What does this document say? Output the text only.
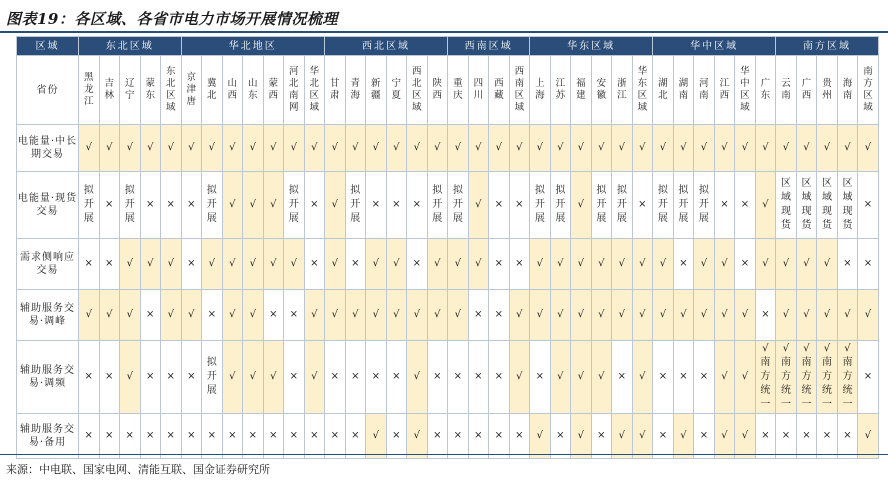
图表19：各区域、各省市电力市场开展情况梳理
区域	东北区域					华北地区							西北区域						西南区域				华东区域						华中区域						南方区域				
省份	黑龙江	吉林	辽宁	蒙东	东北区域	京津唐	冀北	山西	山东	蒙西	河北南网	华北区域	甘肃	青海	新疆	宁夏	西北区域	陕西	重庆	四川	西藏	西南区域	上海	江苏	福建	安徽	浙江	华东区域	湖北	湖南	河南	江西	华中区域	广东	云南	广西	贵州	海南	南方区域
电能量·中长期交易	√	√	√	√	√	√	√	√	√	√	√	√	√	√	√	√	√	√	√	√	√	√	√	√	√	√	√	√	√	√	√	√	√	√	√	√	√	√	√
电能量·现货交易	拟开展	×	拟开展	×	×	×	拟开展	√	√	√	拟开展	×	√	拟开展	×	×	×	拟开展	拟开展	√	×	×	拟开展	拟开展	√	拟开展	拟开展	×	拟开展	拟开展	拟开展	×	×	√	区域现货	区域现货	区域现货	区域现货	×
需求侧响应交易	×	×	√	√	√	×	√	√	√	√	√	×	√	×	√	√	×	√	√	√	×	×	√	√	√	√	√	√	√	×	√	√	×	√	√	√	√	×	×
辅助服务交易·调峰	√	√	√	×	√	√	×	√	√	×	×	√	√	√	√	√	√	√	√	×	×	√	√	√	√	√	√	√	√	√	√	√	√	×	√	√	√	√	√
辅助服务交易·调频	×	×	√	×	×	×	拟开展	√	√	√	×	√	×	×	×	×	√	×	×	×	×	√	×	√	√	√	×	√	×	×	×	√	√	√南方统一	√南方统一	√南方统一	√南方统一	√南方统一	×
辅助服务交易·备用	×	×	×	×	×	×	×	×	×	×	×	×	×	×	√	×	√	×	×	×	×	×	√	×	√	×	√	√	×	√	×	√	√	×	×	×	×	×	√
来源：中电联、国家电网、清能互联、国金证券研究所
